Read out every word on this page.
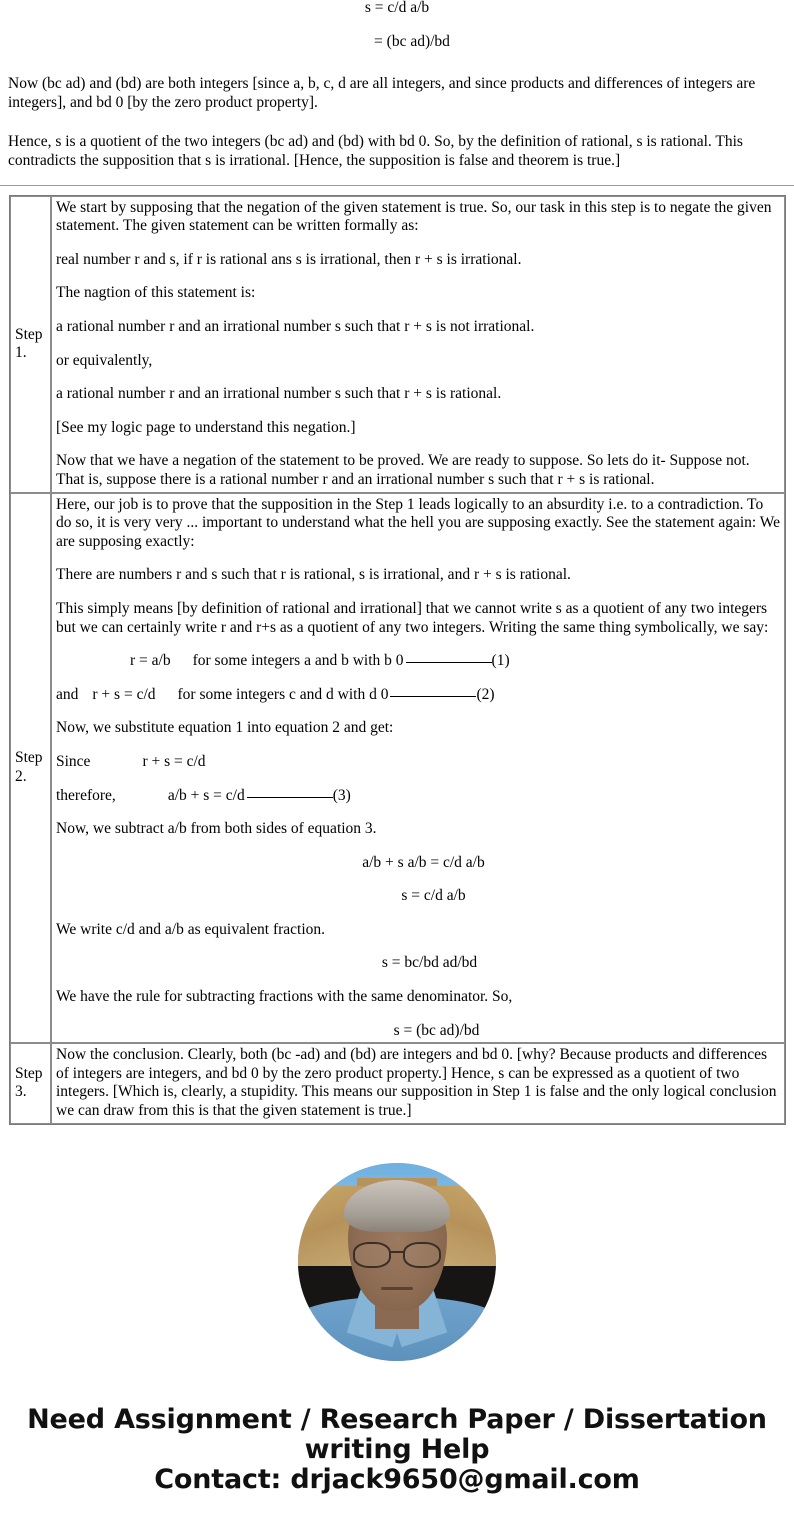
s = c/d a/b
= (bc ad)/bd

Now (bc ad) and (bd) are both integers [since a, b, c, d are all integers, and since products and differences of integers are integers], and bd 0 [by the zero product property].

Hence, s is a quotient of the two integers (bc ad) and (bd) with bd 0. So, by the definition of rational, s is rational. This contradicts the supposition that s is irrational. [Hence, the supposition is false and theorem is true.]

Step 1.	
We start by supposing that the negation of the given statement is true. So, our task in this step is to negate the given statement. The given statement can be written formally as:
real number r and s, if r is rational ans s is irrational, then r + s is irrational.
The nagtion of this statement is:
a rational number r and an irrational number s such that r + s is not irrational.
or equivalently,
a rational number r and an irrational number s such that r + s is rational.
[See my logic page to understand this negation.]
Now that we have a negation of the statement to be proved. We are ready to suppose. So lets do it- Suppose not. That is, suppose there is a rational number r and an irrational number s such that r + s is rational.

Step 2.	
Here, our job is to prove that the supposition in the Step 1 leads logically to an absurdity i.e. to a contradiction. To do so, it is very very ... important to understand what the hell you are supposing exactly. See the statement again: We are supposing exactly:
There are numbers r and s such that r is rational, s is irrational, and r + s is rational.
This simply means [by definition of rational and irrational] that we cannot write s as a quotient of any two integers but we can certainly write r and r+s as a quotient of any two integers. Writing the same thing symbolically, we say:
r = a/b for some integers a and b with b 0	(1)
and r + s = c/d for some integers c and d with d 0	(2)
Now, we substitute equation 1 into equation 2 and get:
Since	r + s = c/d
therefore,	a/b + s = c/d	(3)
Now, we subtract a/b from both sides of equation 3.
a/b + s a/b = c/d a/b
s = c/d a/b
We write c/d and a/b as equivalent fraction.
s = bc/bd ad/bd
We have the rule for subtracting fractions with the same denominator. So,
s = (bc ad)/bd

Step 3.	Now the conclusion. Clearly, both (bc -ad) and (bd) are integers and bd 0. [why? Because products and differences of integers are integers, and bd 0 by the zero product property.] Hence, s can be expressed as a quotient of two integers. [Which is, clearly, a stupidity. This means our supposition in Step 1 is false and the only logical conclusion we can draw from this is that the given statement is true.]
Need Assignment / Research Paper / Dissertation
writing Help
Contact: drjack9650@gmail.com
